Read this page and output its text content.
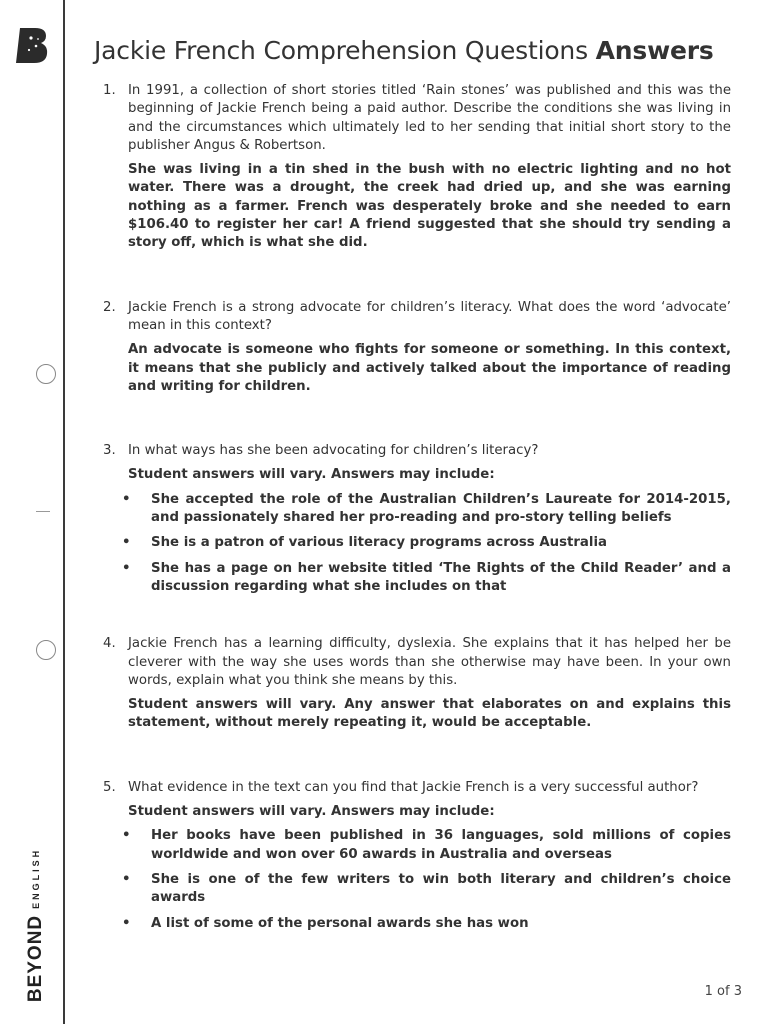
BEYOND
ENGLISH
Jackie French Comprehension Questions Answers
1. In 1991, a collection of short stories titled ‘Rain stones’ was published and this was the beginning of Jackie French being a paid author. Describe the conditions she was living in and the circumstances which ultimately led to her sending that initial short story to the publisher Angus & Robertson.
She was living in a tin shed in the bush with no electric lighting and no hot water. There was a drought, the creek had dried up, and she was earning nothing as a farmer. French was desperately broke and she needed to earn $106.40 to register her car! A friend suggested that she should try sending a story off, which is what she did.
2. Jackie French is a strong advocate for children’s literacy. What does the word ‘advocate’ mean in this context?
An advocate is someone who fights for someone or something. In this context, it means that she publicly and actively talked about the importance of reading and writing for children.
3. In what ways has she been advocating for children’s literacy?
Student answers will vary. Answers may include:
• She accepted the role of the Australian Children’s Laureate for 2014-2015, and passionately shared her pro-reading and pro-story telling beliefs
• She is a patron of various literacy programs across Australia
• She has a page on her website titled ‘The Rights of the Child Reader’ and a discussion regarding what she includes on that
4. Jackie French has a learning difficulty, dyslexia. She explains that it has helped her be cleverer with the way she uses words than she otherwise may have been. In your own words, explain what you think she means by this.
Student answers will vary. Any answer that elaborates on and explains this statement, without merely repeating it, would be acceptable.
5. What evidence in the text can you find that Jackie French is a very successful author?
Student answers will vary. Answers may include:
• Her books have been published in 36 languages, sold millions of copies worldwide and won over 60 awards in Australia and overseas
• She is one of the few writers to win both literary and children’s choice awards
• A list of some of the personal awards she has won
1 of 3
